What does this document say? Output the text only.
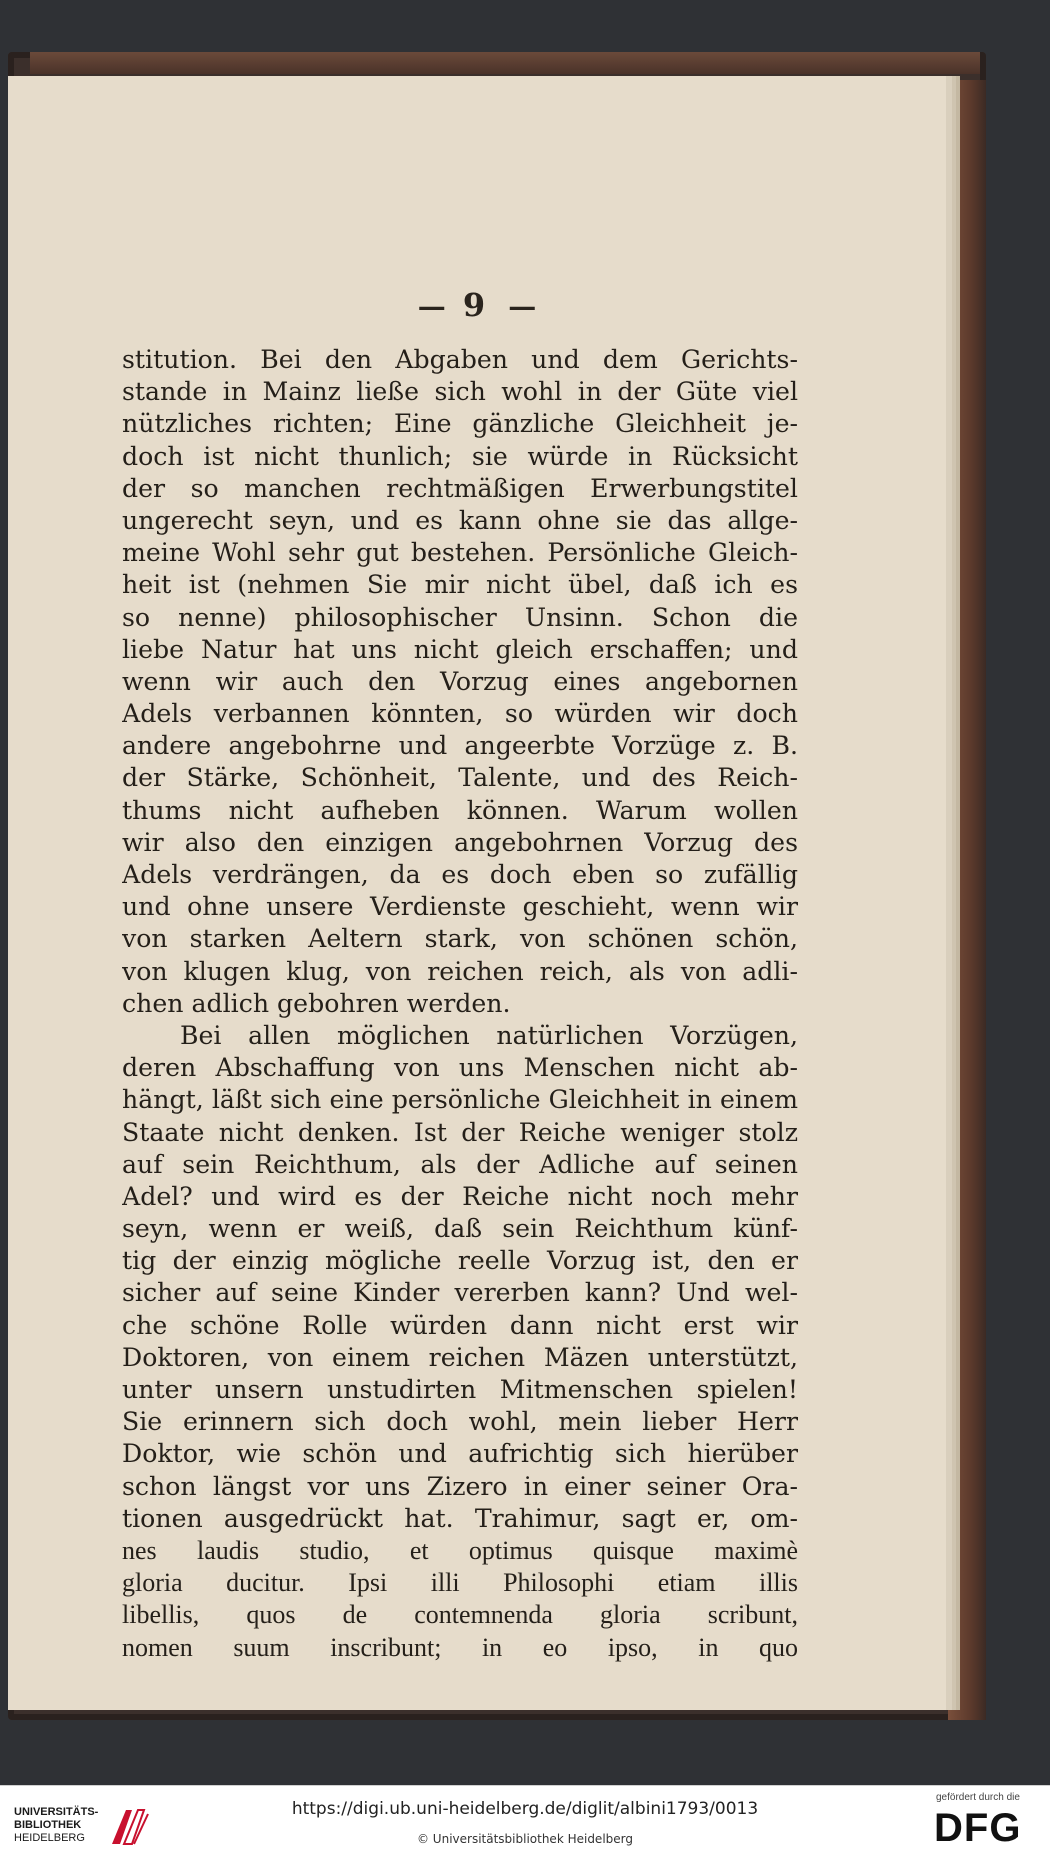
— 9 —
stitution. Bei den Abgaben und dem Gerichts-
stande in Mainz ließe sich wohl in der Güte viel
nützliches richten; Eine gänzliche Gleichheit je-
doch ist nicht thunlich; sie würde in Rücksicht
der so manchen rechtmäßigen Erwerbungstitel
ungerecht seyn, und es kann ohne sie das allge-
meine Wohl sehr gut bestehen. Persönliche Gleich-
heit ist (nehmen Sie mir nicht übel, daß ich es
so nenne) philosophischer Unsinn. Schon die
liebe Natur hat uns nicht gleich erschaffen; und
wenn wir auch den Vorzug eines angebornen
Adels verbannen könnten, so würden wir doch
andere angebohrne und angeerbte Vorzüge z. B.
der Stärke, Schönheit, Talente, und des Reich-
thums nicht aufheben können. Warum wollen
wir also den einzigen angebohrnen Vorzug des
Adels verdrängen, da es doch eben so zufällig
und ohne unsere Verdienste geschieht, wenn wir
von starken Aeltern stark, von schönen schön,
von klugen klug, von reichen reich, als von adli-
chen adlich gebohren werden.
Bei allen möglichen natürlichen Vorzügen,
deren Abschaffung von uns Menschen nicht ab-
hängt, läßt sich eine persönliche Gleichheit in einem
Staate nicht denken. Ist der Reiche weniger stolz
auf sein Reichthum, als der Adliche auf seinen
Adel? und wird es der Reiche nicht noch mehr
seyn, wenn er weiß, daß sein Reichthum künf-
tig der einzig mögliche reelle Vorzug ist, den er
sicher auf seine Kinder vererben kann? Und wel-
che schöne Rolle würden dann nicht erst wir
Doktoren, von einem reichen Mäzen unterstützt,
unter unsern unstudirten Mitmenschen spielen!
Sie erinnern sich doch wohl, mein lieber Herr
Doktor, wie schön und aufrichtig sich hierüber
schon längst vor uns Zizero in einer seiner Ora-
tionen ausgedrückt hat. Trahimur, sagt er, om-
nes laudis studio, et optimus quisque maximè
gloria ducitur. Ipsi illi Philosophi etiam illis
libellis, quos de contemnenda gloria scribunt,
nomen suum inscribunt; in eo ipso, in quo
UNIVERSITÄTS-
BIBLIOTHEK
HEIDELBERG
https://digi.ub.uni-heidelberg.de/diglit/albini1793/0013
© Universitätsbibliothek Heidelberg
gefördert durch die
DFG
